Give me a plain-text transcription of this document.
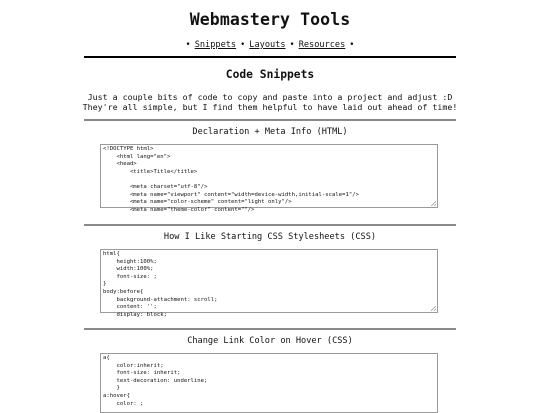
Webmastery Tools
• Snippets • Layouts • Resources •
Code Snippets
Just a couple bits of code to copy and paste into a project and adjust :D
They're all simple, but I find them helpful to have laid out ahead of time!
Declaration + Meta Info (HTML)
<!DOCTYPE html>
<html lang="en">
<head>
<title>Title</title>

<meta charset="utf-8"/>
<meta name="viewport" content="width=device-width,initial-scale=1"/>
<meta name="color-scheme" content="light only"/>
<meta name="theme-color" content=""/>
How I Like Starting CSS Stylesheets (CSS)
html{
height:100%;
width:100%;
font-size: ;
}
body:before{
background-attachment: scroll;
content: '';
display: block;
Change Link Color on Hover (CSS)
a{
color:inherit;
font-size: inherit;
text-decoration: underline;
}
a:hover{
color: ;
